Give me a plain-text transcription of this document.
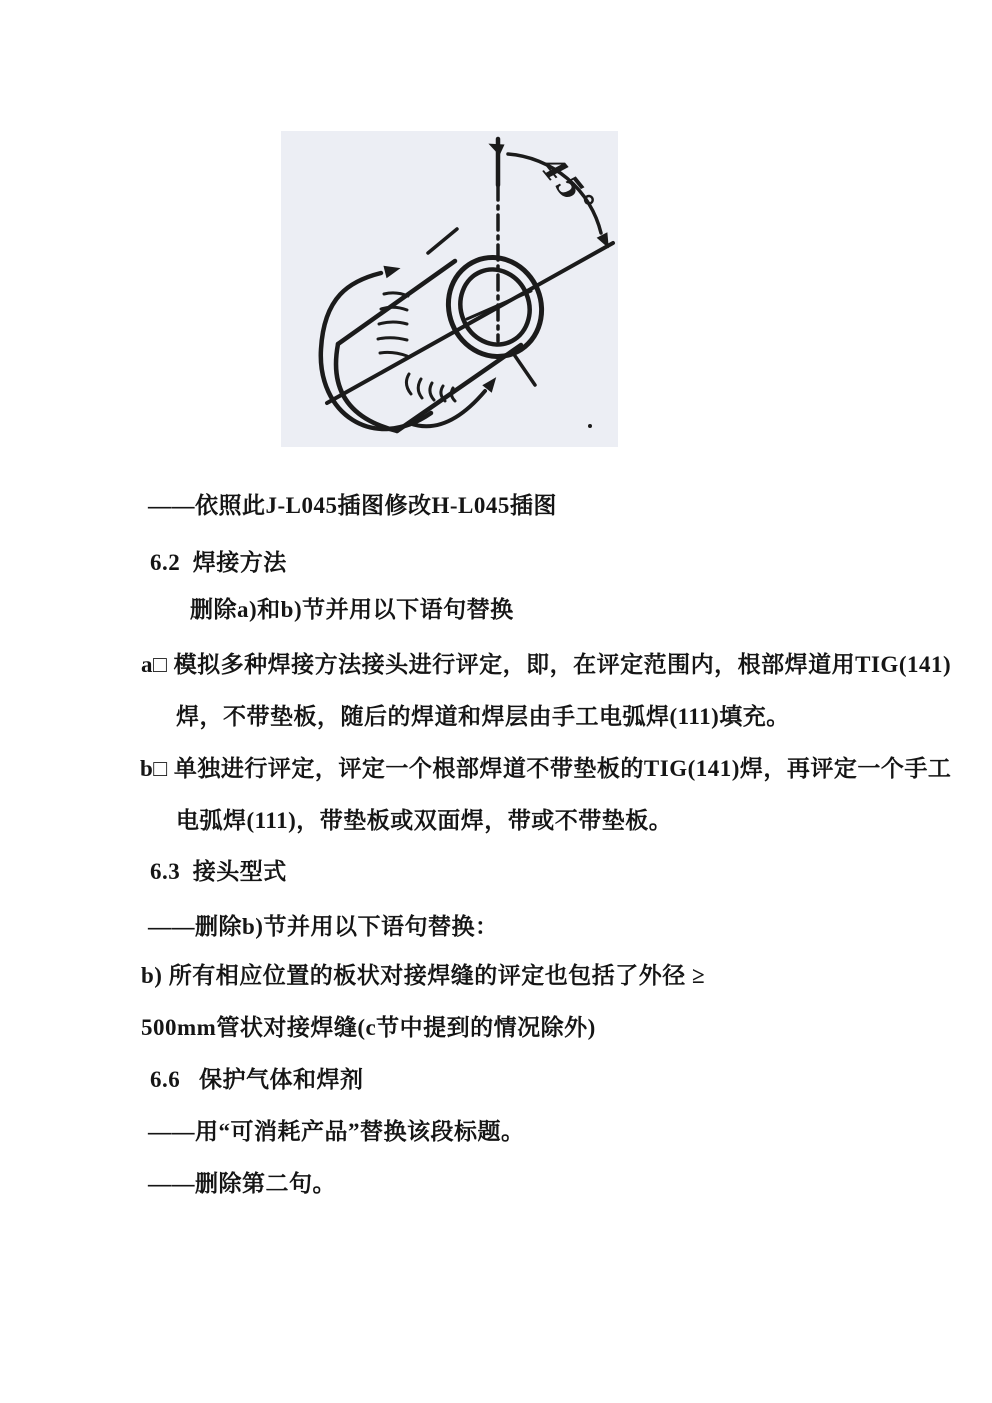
45°

——依照此J-L045插图修改H-L045插图

6.2  焊接方法

删除a)和b)节并用以下语句替换

a□ 模拟多种焊接方法接头进行评定，即，在评定范围内，根部焊道用TIG(141)

焊，不带垫板，随后的焊道和焊层由手工电弧焊(111)填充。

b□ 单独进行评定，评定一个根部焊道不带垫板的TIG(141)焊，再评定一个手工

电弧焊(111)，带垫板或双面焊，带或不带垫板。

6.3  接头型式

——删除b)节并用以下语句替换：

b) 所有相应位置的板状对接焊缝的评定也包括了外径 ≥

500mm管状对接焊缝(c节中提到的情况除外)

6.6   保护气体和焊剂

——用“可消耗产品”替换该段标题。

——删除第二句。
